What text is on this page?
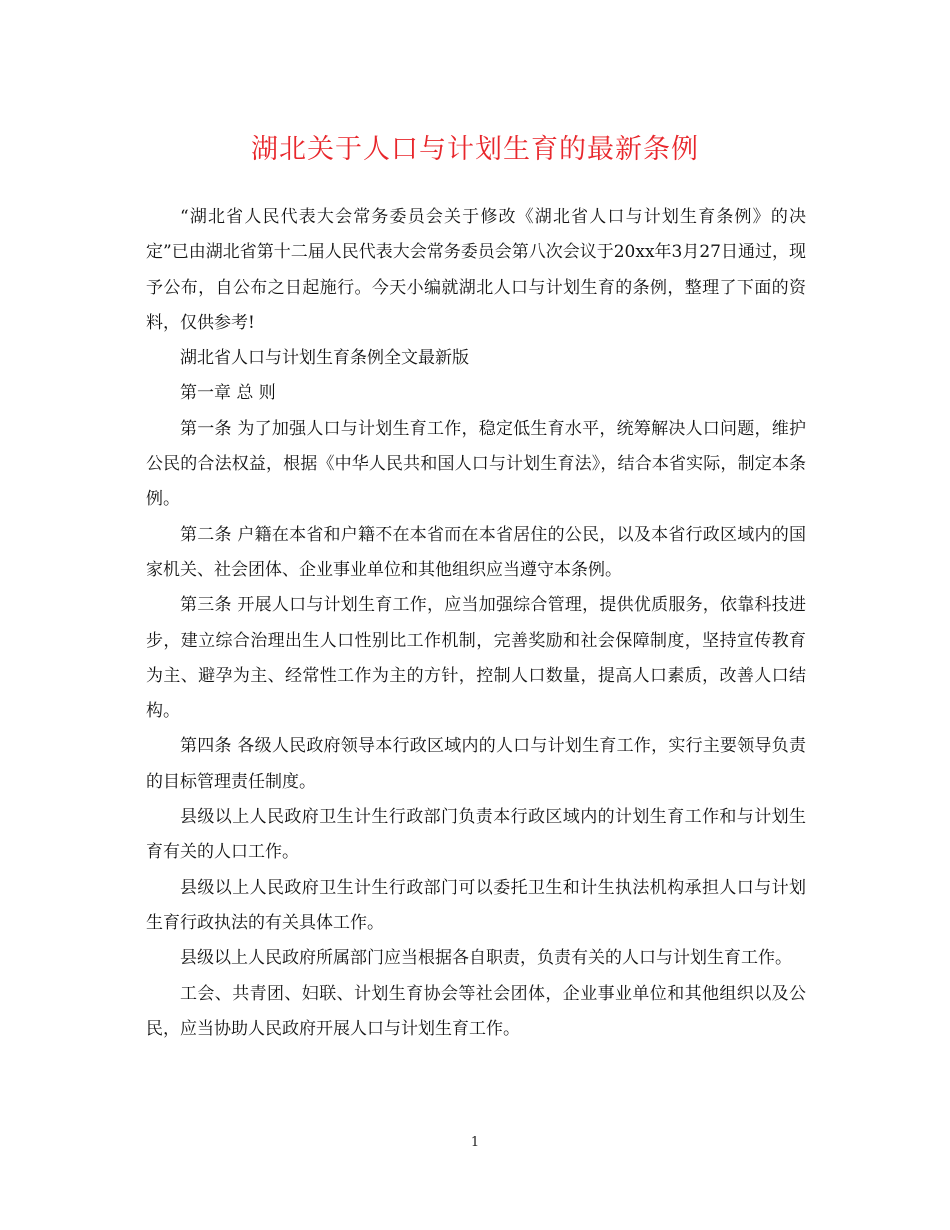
湖北关于人口与计划生育的最新条例

“湖北省人民代表大会常务委员会关于修改《湖北省人口与计划生育条例》的决定”已由湖北省第十二届人民代表大会常务委员会第八次会议于20xx年3月27日通过，现予公布，自公布之日起施行。今天小编就湖北人口与计划生育的条例，整理了下面的资料，仅供参考!

湖北省人口与计划生育条例全文最新版

第一章 总 则

第一条 为了加强人口与计划生育工作，稳定低生育水平，统筹解决人口问题，维护公民的合法权益，根据《中华人民共和国人口与计划生育法》，结合本省实际，制定本条例。

第二条 户籍在本省和户籍不在本省而在本省居住的公民，以及本省行政区域内的国家机关、社会团体、企业事业单位和其他组织应当遵守本条例。

第三条 开展人口与计划生育工作，应当加强综合管理，提供优质服务，依靠科技进步，建立综合治理出生人口性别比工作机制，完善奖励和社会保障制度，坚持宣传教育为主、避孕为主、经常性工作为主的方针，控制人口数量，提高人口素质，改善人口结构。

第四条 各级人民政府领导本行政区域内的人口与计划生育工作，实行主要领导负责的目标管理责任制度。

县级以上人民政府卫生计生行政部门负责本行政区域内的计划生育工作和与计划生育有关的人口工作。

县级以上人民政府卫生计生行政部门可以委托卫生和计生执法机构承担人口与计划生育行政执法的有关具体工作。

县级以上人民政府所属部门应当根据各自职责，负责有关的人口与计划生育工作。

工会、共青团、妇联、计划生育协会等社会团体，企业事业单位和其他组织以及公民，应当协助人民政府开展人口与计划生育工作。

1
